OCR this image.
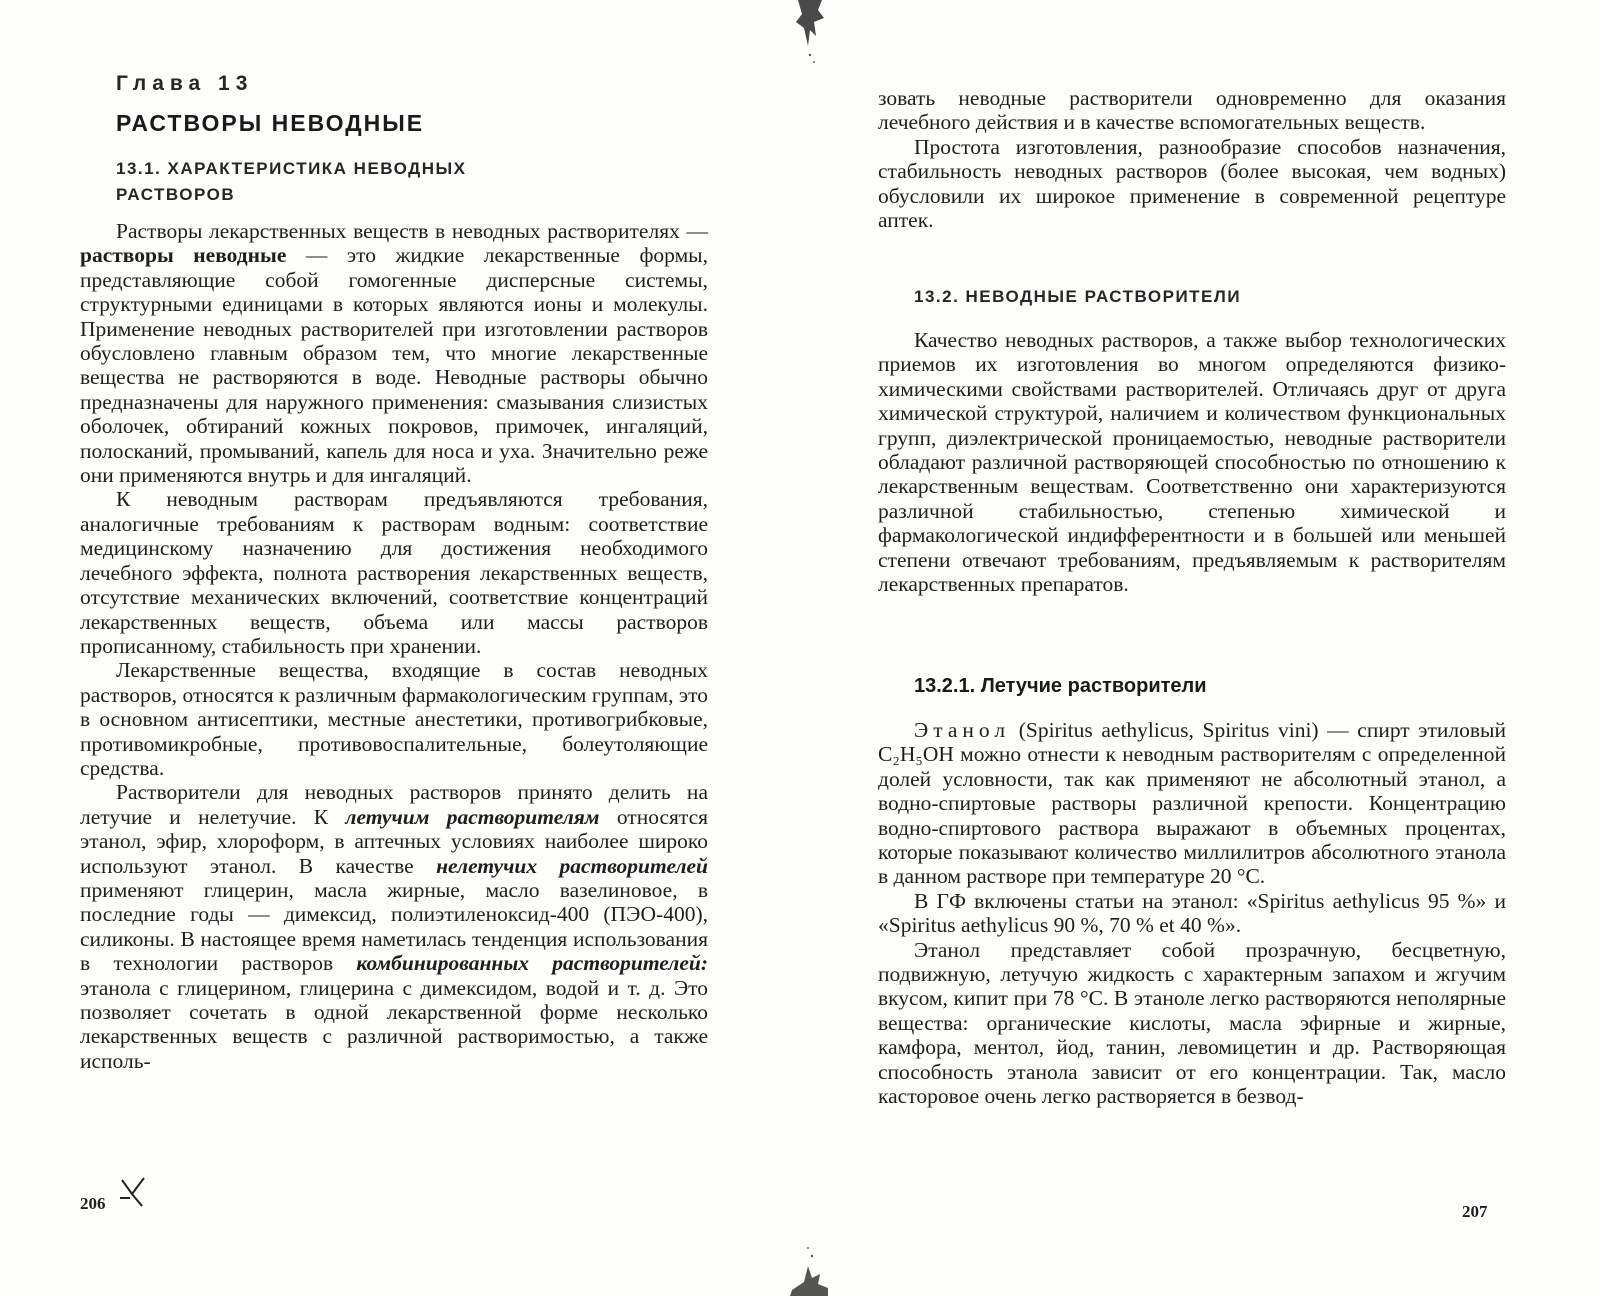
Глава 13
РАСТВОРЫ НЕВОДНЫЕ
13.1. ХАРАКТЕРИСТИКА НЕВОДНЫХ
РАСТВОРОВ

Растворы лекарственных веществ в неводных растворителях — растворы неводные — это жидкие лекарственные формы, представляющие собой гомогенные дисперсные системы, структурными единицами в которых являются ионы и молекулы. Применение неводных растворителей при изготовлении растворов обусловлено главным образом тем, что многие лекарственные вещества не растворяются в воде. Неводные растворы обычно предназначены для наружного применения: смазывания слизистых оболочек, обтираний кожных покровов, примочек, ингаляций, полосканий, промываний, капель для носа и уха. Значительно реже они применяются внутрь и для ингаляций.

К неводным растворам предъявляются требования, аналогичные требованиям к растворам водным: соответствие медицинскому назначению для достижения необходимого лечебного эффекта, полнота растворения лекарственных веществ, отсутствие механических включений, соответствие концентраций лекарственных веществ, объема или массы растворов прописанному, стабильность при хранении.

Лекарственные вещества, входящие в состав неводных растворов, относятся к различным фармакологическим группам, это в основном антисептики, местные анестетики, противогрибковые, противомикробные, противовоспалительные, болеутоляющие средства.

Растворители для неводных растворов принято делить на летучие и нелетучие. К летучим растворителям относятся этанол, эфир, хлороформ, в аптечных условиях наиболее широко используют этанол. В качестве нелетучих растворителей применяют глицерин, масла жирные, масло вазелиновое, в последние годы — димексид, полиэтиленоксид-400 (ПЭО-400), силиконы. В настоящее время наметилась тенденция использования в технологии растворов комбинированных растворителей: этанола с глицерином, глицерина с димексидом, водой и т. д. Это позволяет сочетать в одной лекарственной форме несколько лекарственных веществ с различной растворимостью, а также исполь-

206

зовать неводные растворители одновременно для оказания лечебного действия и в качестве вспомогательных веществ.

Простота изготовления, разнообразие способов назначения, стабильность неводных растворов (более высокая, чем водных) обусловили их широкое применение в современной рецептуре аптек.

13.2. НЕВОДНЫЕ РАСТВОРИТЕЛИ

Качество неводных растворов, а также выбор технологических приемов их изготовления во многом определяются физико-химическими свойствами растворителей. Отличаясь друг от друга химической структурой, наличием и количеством функциональных групп, диэлектрической проницаемостью, неводные растворители обладают различной растворяющей способностью по отношению к лекарственным веществам. Соответственно они характеризуются различной стабильностью, степенью химической и фармакологической индифферентности и в большей или меньшей степени отвечают требованиям, предъявляемым к растворителям лекарственных препаратов.

13.2.1. Летучие растворители

Этанол (Spiritus aethylicus, Spiritus vini) — спирт этиловый C₂H₅OH можно отнести к неводным растворителям с определенной долей условности, так как применяют не абсолютный этанол, а водно-спиртовые растворы различной крепости. Концентрацию водно-спиртового раствора выражают в объемных процентах, которые показывают количество миллилитров абсолютного этанола в данном растворе при температуре 20 °С.

В ГФ включены статьи на этанол: «Spiritus aethylicus 95 %» и «Spiritus aethylicus 90 %, 70 % et 40 %».

Этанол представляет собой прозрачную, бесцветную, подвижную, летучую жидкость с характерным запахом и жгучим вкусом, кипит при 78 °С. В этаноле легко растворяются неполярные вещества: органические кислоты, масла эфирные и жирные, камфора, ментол, йод, танин, левомицетин и др. Растворяющая способность этанола зависит от его концентрации. Так, масло касторовое очень легко растворяется в безвод-

207
